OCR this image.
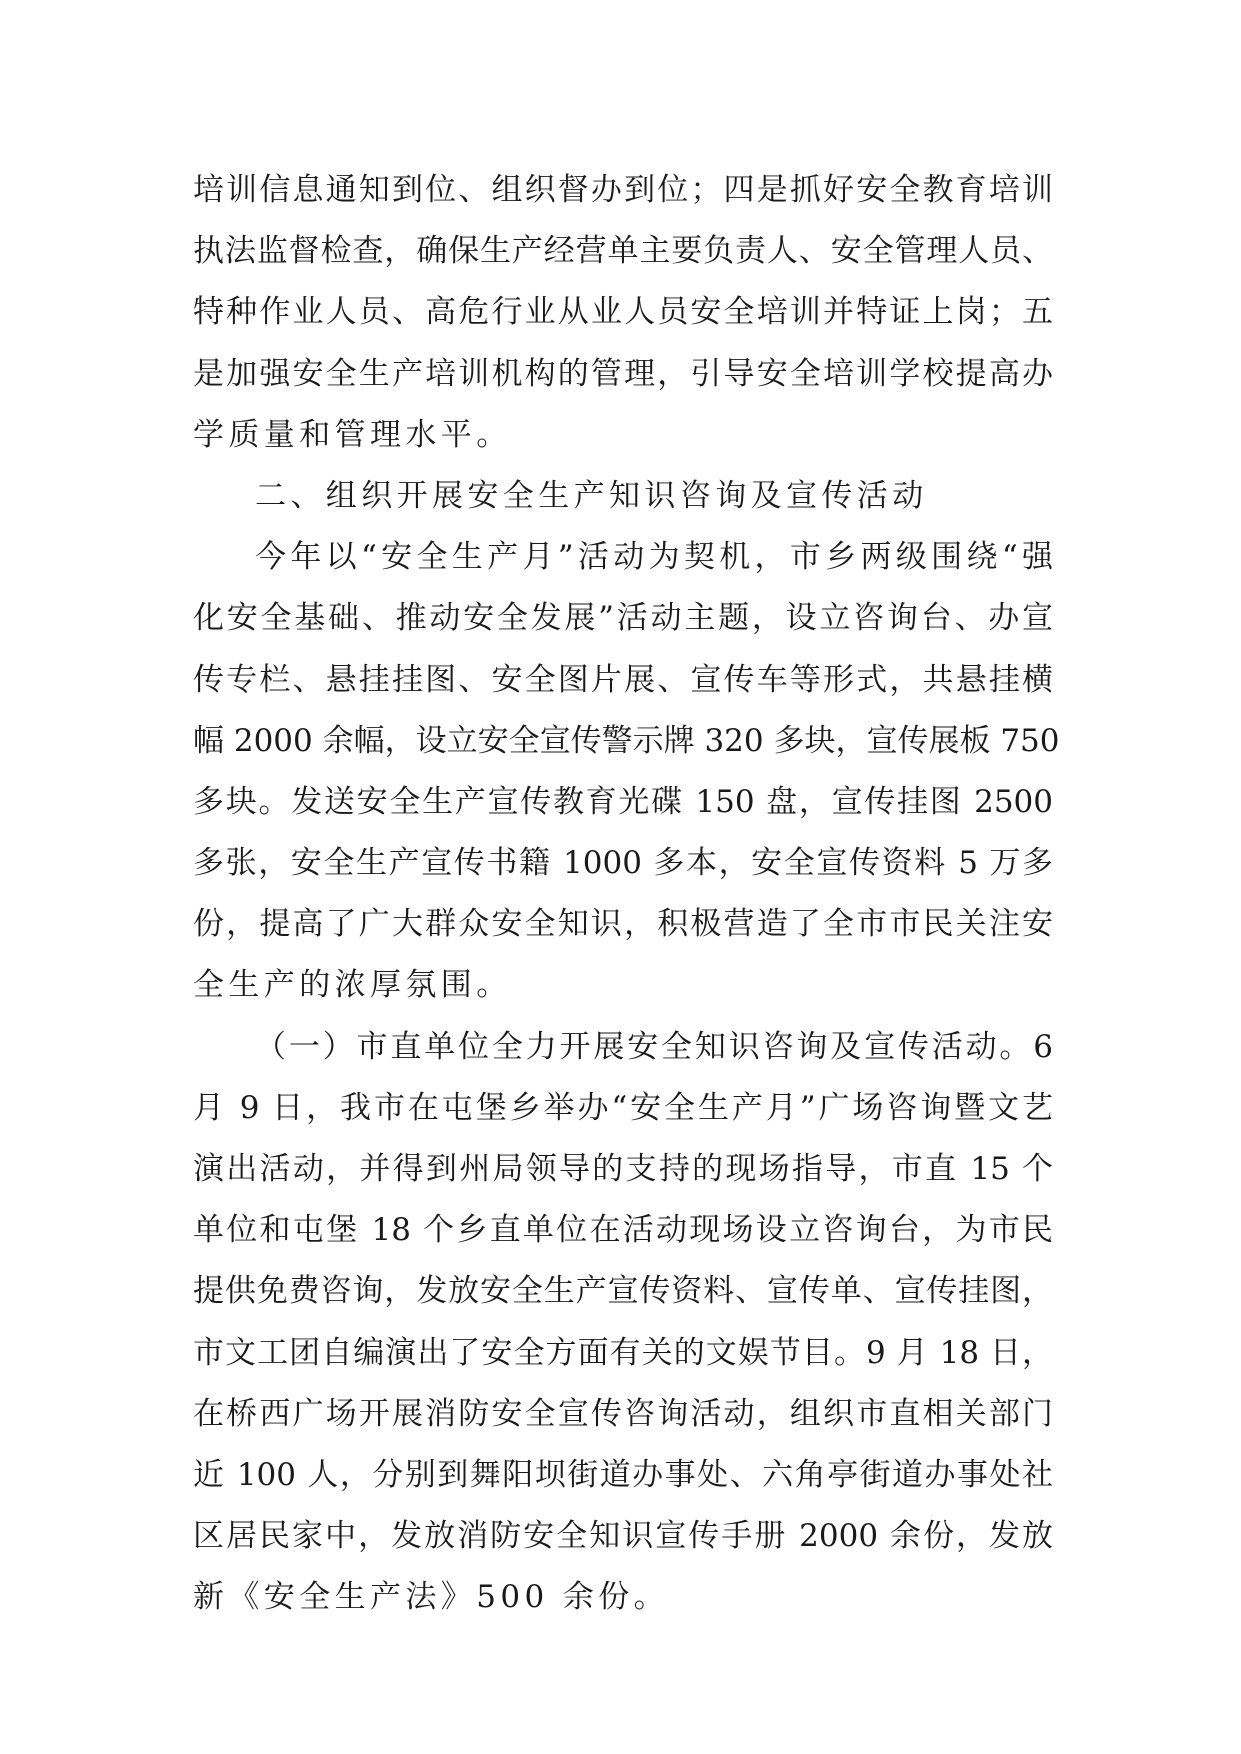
培训信息通知到位、组织督办到位；四是抓好安全教育培训
执法监督检查，确保生产经营单主要负责人、安全管理人员、
特种作业人员、高危行业从业人员安全培训并特证上岗；五
是加强安全生产培训机构的管理，引导安全培训学校提高办
学质量和管理水平。
二、组织开展安全生产知识咨询及宣传活动
今年以“安全生产月”活动为契机，市乡两级围绕“强
化安全基础、推动安全发展”活动主题，设立咨询台、办宣
传专栏、悬挂挂图、安全图片展、宣传车等形式，共悬挂横
幅 2000 余幅，设立安全宣传警示牌 320 多块，宣传展板 750
多块。发送安全生产宣传教育光碟 150 盘，宣传挂图 2500
多张，安全生产宣传书籍 1000 多本，安全宣传资料 5 万多
份，提高了广大群众安全知识，积极营造了全市市民关注安
全生产的浓厚氛围。
（一）市直单位全力开展安全知识咨询及宣传活动。6
月 9 日，我市在屯堡乡举办“安全生产月”广场咨询暨文艺
演出活动，并得到州局领导的支持的现场指导，市直 15 个
单位和屯堡 18 个乡直单位在活动现场设立咨询台，为市民
提供免费咨询，发放安全生产宣传资料、宣传单、宣传挂图，
市文工团自编演出了安全方面有关的文娱节目。9 月 18 日，
在桥西广场开展消防安全宣传咨询活动，组织市直相关部门
近 100 人，分别到舞阳坝街道办事处、六角亭街道办事处社
区居民家中，发放消防安全知识宣传手册 2000 余份，发放
新《安全生产法》500 余份。
